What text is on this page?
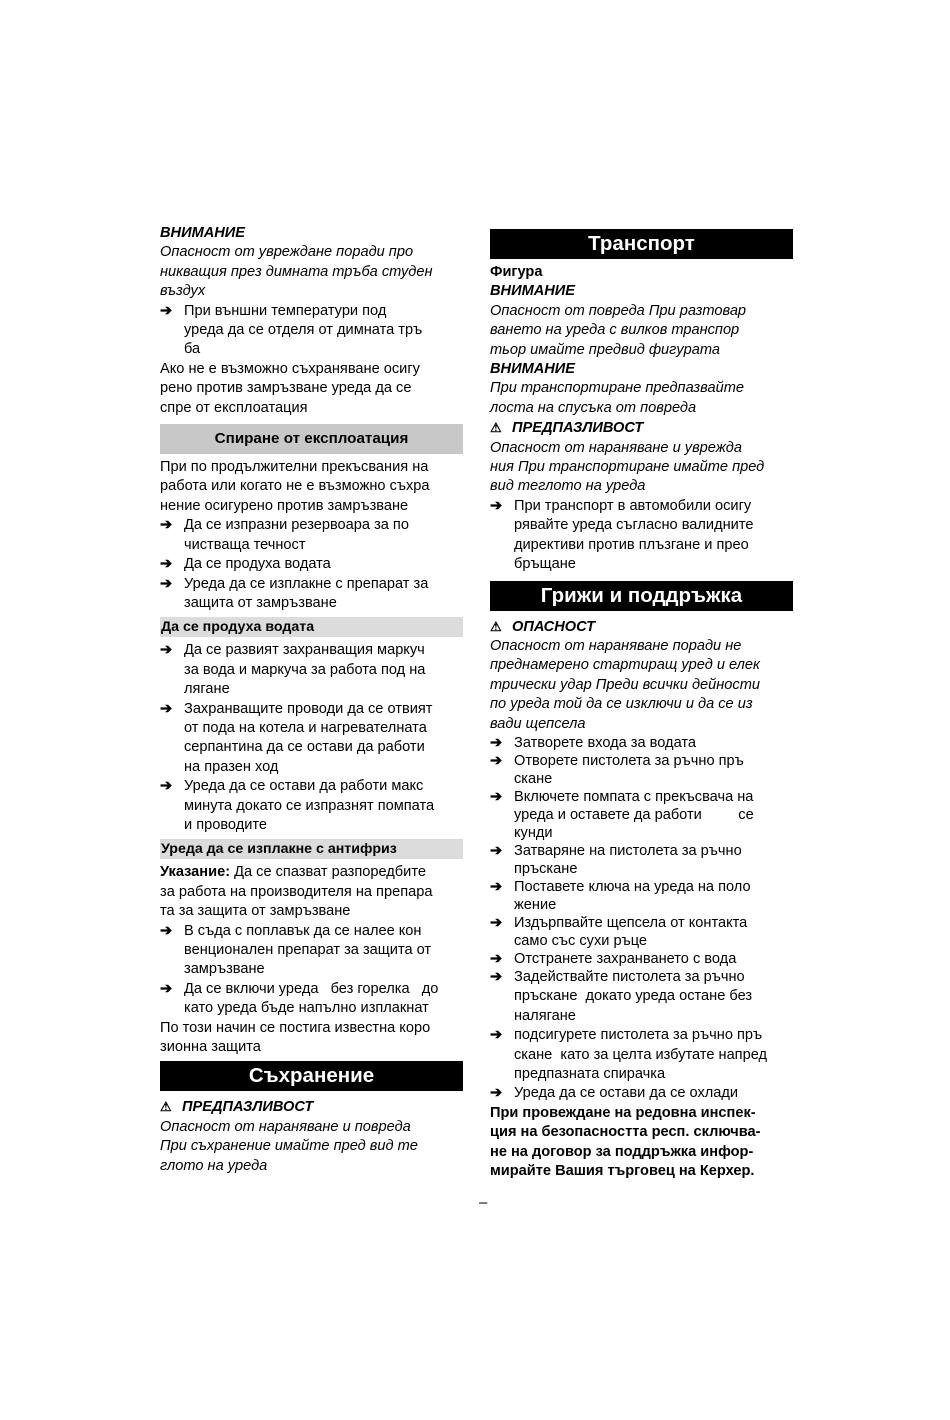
ВНИМАНИЕ
Опасност от увреждане поради про
никващия през димната тръба студен
въздух
➔ При външни температури под
уреда да се отделя от димната тръ
ба
Ако не е възможно съхраняване осигу
рено против замръзване уреда да се
спре от експлоатация
Спиране от експлоатация
При по продължителни прекъсвания на
работа или когато не е възможно съхра
нение осигурено против замръзване
➔ Да се изпразни резервоара за по
чистваща течност
➔ Да се продуха водата
➔ Уреда да се изплакне с препарат за
защита от замръзване
Да се продуха водата
➔ Да се развият захранващия маркуч
за вода и маркуча за работа под на
лягане
➔ Захранващите проводи да се отвият
от пода на котела и нагревателната
серпантина да се остави да работи
на празен ход
➔ Уреда да се остави да работи макс
минута докато се изпразнят помпата
и проводите
Уреда да се изплакне с антифриз
Указание: Да се спазват разпоредбите
за работа на производителя на препара
та за защита от замръзване
➔ В съда с поплавък да се налее кон
венционален препарат за защита от
замръзване
➔ Да се включи уреда   без горелка   до
като уреда бъде напълно изплакнат
По този начин се постига известна коро
зионна защита
Съхранение
⚠ ПРЕДПАЗЛИВОСТ
Опасност от нараняване и повреда
При съхранение имайте пред вид те
глото на уреда
Транспорт
Фигура
ВНИМАНИЕ
Опасност от повреда При разтовар
ването на уреда с вилков транспор
тьор имайте предвид фигурата
ВНИМАНИЕ
При транспортиране предпазвайте
лоста на спусъка от повреда
⚠ ПРЕДПАЗЛИВОСТ
Опасност от нараняване и уврежда
ния При транспортиране имайте пред
вид теглото на уреда
➔ При транспорт в автомобили осигу
рявайте уреда съгласно валидните
директиви против плъзгане и прео
бръщане
Грижи и поддръжка
⚠ ОПАСНОСТ
Опасност от нараняване поради не
преднамерено стартиращ уред и елек
трически удар Преди всички дейности
по уреда той да се изключи и да се из
вади щепсела
➔ Затворете входа за водата
➔ Отворете пистолета за ръчно пръ
скане
➔ Включете помпата с прекъсвача на
уреда и оставете да работи         се
кунди
➔ Затваряне на пистолета за ръчно
пръскане
➔ Поставете ключа на уреда на поло
жение
➔ Издърпвайте щепсела от контакта
само със сухи ръце
➔ Отстранете захранването с вода
➔ Задействайте пистолета за ръчно
пръскане  докато уреда остане без
налягане
➔ подсигурете пистолета за ръчно пръ
скане  като за целта избутате напред
предпазната спирачка
➔ Уреда да се остави да се охлади
При провеждане на редовна инспек-
ция на безопасността респ. сключва-
не на договор за поддръжка инфор-
мирайте Вашия търговец на Керхер.
–
